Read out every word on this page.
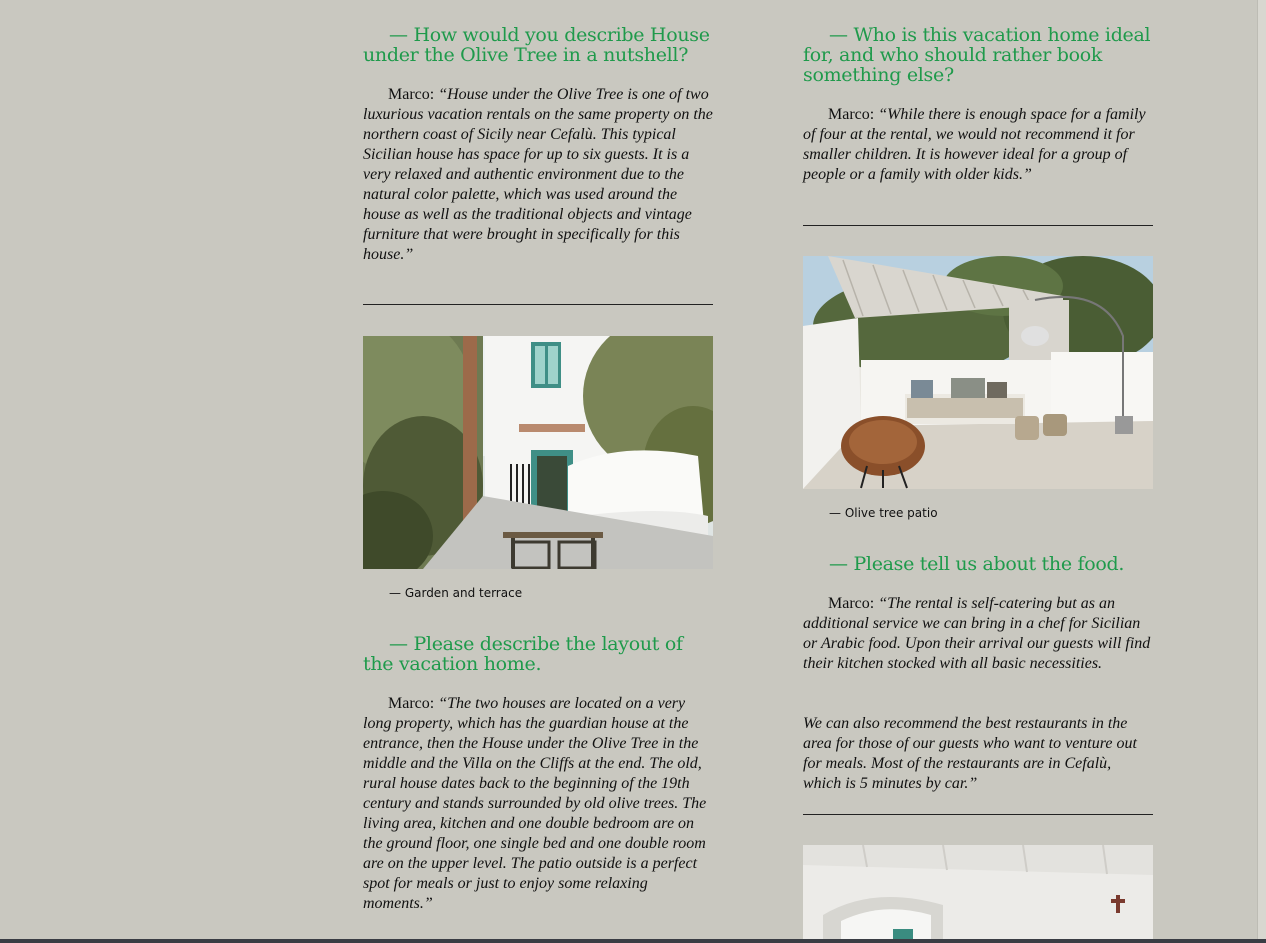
— How would you describe House under the Olive Tree in a nutshell?

Marco: “House under the Olive Tree is one of two luxurious vacation rentals on the same property on the northern coast of Sicily near Cefalù. This typical Sicilian house has space for up to six guests. It is a very relaxed and authentic environment due to the natural color palette, which was used around the house as well as the traditional objects and vintage furniture that were brought in specifically for this house.”

— Garden and terrace

— Please describe the layout of the vacation home.

Marco: “The two houses are located on a very long property, which has the guardian house at the entrance, then the House under the Olive Tree in the middle and the Villa on the Cliffs at the end. The old, rural house dates back to the beginning of the 19th century and stands surrounded by old olive trees. The living area, kitchen and one double bedroom are on the ground floor, one single bed and one double room are on the upper level. The patio outside is a perfect spot for meals or just to enjoy some relaxing moments.”

— Who is this vacation home ideal for, and who should rather book something else?

Marco: “While there is enough space for a family of four at the rental, we would not recommend it for smaller children. It is however ideal for a group of people or a family with older kids.”

— Olive tree patio

— Please tell us about the food.

Marco: “The rental is self-catering but as an additional service we can bring in a chef for Sicilian or Arabic food. Upon their arrival our guests will find their kitchen stocked with all basic necessities.

We can also recommend the best restaurants in the area for those of our guests who want to venture out for meals. Most of the restaurants are in Cefalù, which is 5 minutes by car.”
